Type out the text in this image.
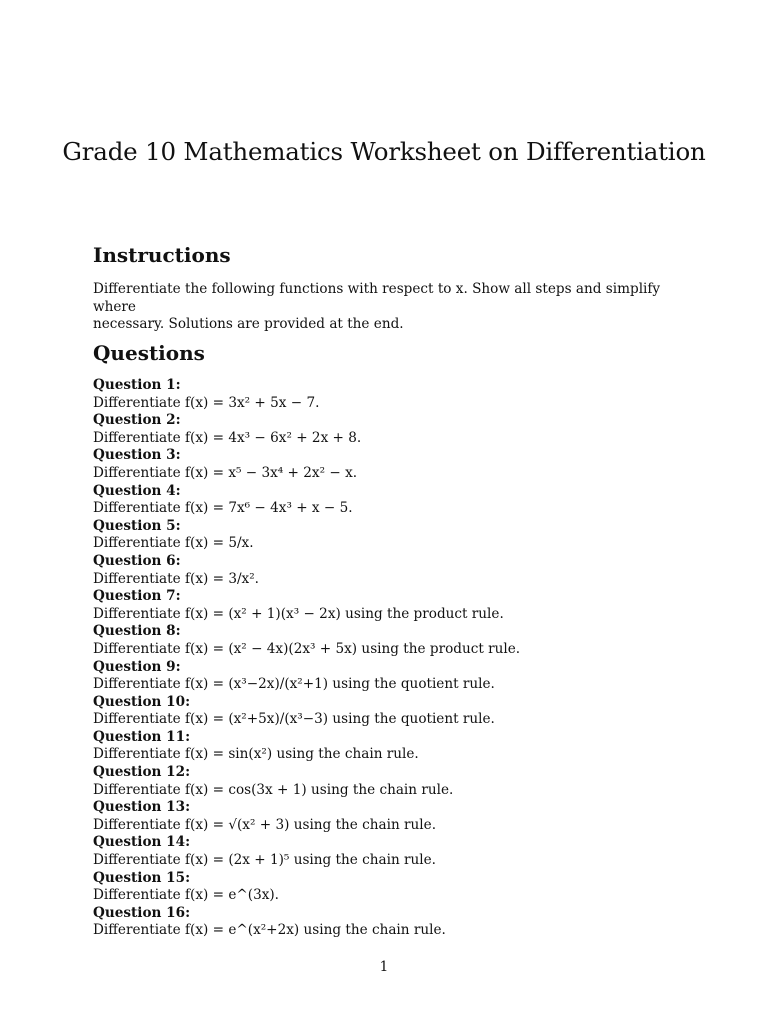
Grade 10 Mathematics Worksheet on Differentiation
Instructions

Differentiate the following functions with respect to x. Show all steps and simplify where
necessary. Solutions are provided at the end.

Questions
Question 1:
Differentiate f(x) = 3x² + 5x − 7.
Question 2:
Differentiate f(x) = 4x³ − 6x² + 2x + 8.
Question 3:
Differentiate f(x) = x⁵ − 3x⁴ + 2x² − x.
Question 4:
Differentiate f(x) = 7x⁶ − 4x³ + x − 5.
Question 5:
Differentiate f(x) = 5/x.
Question 6:
Differentiate f(x) = 3/x².
Question 7:
Differentiate f(x) = (x² + 1)(x³ − 2x) using the product rule.
Question 8:
Differentiate f(x) = (x² − 4x)(2x³ + 5x) using the product rule.
Question 9:
Differentiate f(x) = (x³−2x)/(x²+1) using the quotient rule.
Question 10:
Differentiate f(x) = (x²+5x)/(x³−3) using the quotient rule.
Question 11:
Differentiate f(x) = sin(x²) using the chain rule.
Question 12:
Differentiate f(x) = cos(3x + 1) using the chain rule.
Question 13:
Differentiate f(x) = √(x² + 3) using the chain rule.
Question 14:
Differentiate f(x) = (2x + 1)⁵ using the chain rule.
Question 15:
Differentiate f(x) = e^(3x).
Question 16:
Differentiate f(x) = e^(x²+2x) using the chain rule.
1
